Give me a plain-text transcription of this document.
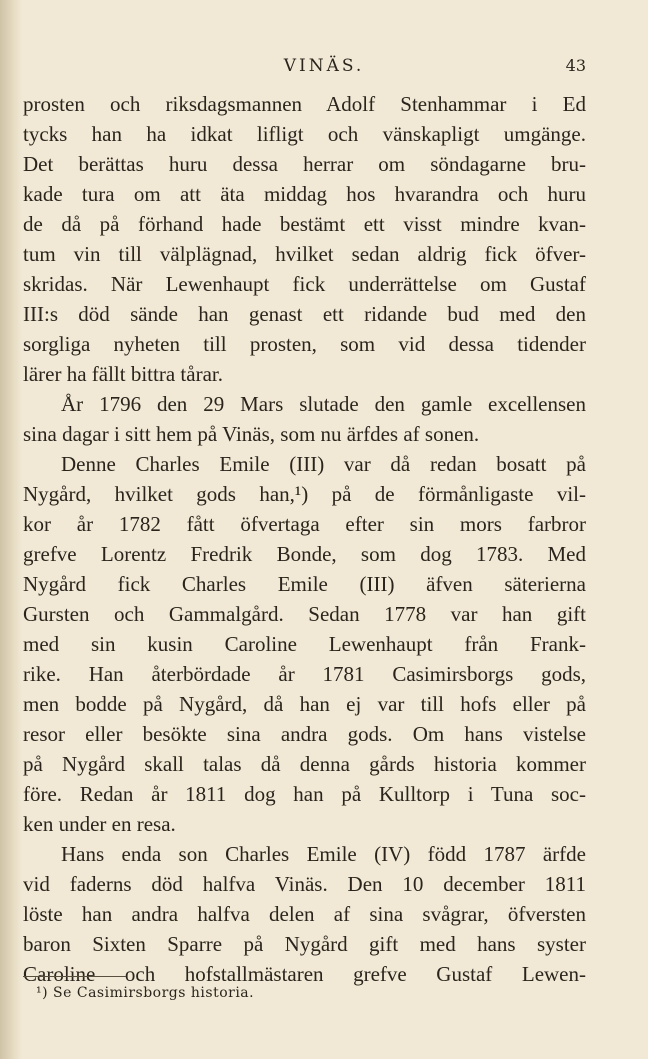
VINÄS.	43
prosten och riksdagsmannen Adolf Stenhammar i Ed
tycks han ha idkat lifligt och vänskapligt umgänge.
Det berättas huru dessa herrar om söndagarne bru-
kade tura om att äta middag hos hvarandra och huru
de då på förhand hade bestämt ett visst mindre kvan-
tum vin till välplägnad, hvilket sedan aldrig fick öfver-
skridas. När Lewenhaupt fick underrättelse om Gustaf
III:s död sände han genast ett ridande bud med den
sorgliga nyheten till prosten, som vid dessa tidender
lärer ha fällt bittra tårar.
År 1796 den 29 Mars slutade den gamle excellensen
sina dagar i sitt hem på Vinäs, som nu ärfdes af sonen.
Denne Charles Emile (III) var då redan bosatt på
Nygård, hvilket gods han,¹) på de förmånligaste vil-
kor år 1782 fått öfvertaga efter sin mors farbror
grefve Lorentz Fredrik Bonde, som dog 1783. Med
Nygård fick Charles Emile (III) äfven säterierna
Gursten och Gammalgård. Sedan 1778 var han gift
med sin kusin Caroline Lewenhaupt från Frank-
rike. Han återbördade år 1781 Casimirsborgs gods,
men bodde på Nygård, då han ej var till hofs eller på
resor eller besökte sina andra gods. Om hans vistelse
på Nygård skall talas då denna gårds historia kommer
före. Redan år 1811 dog han på Kulltorp i Tuna soc-
ken under en resa.
Hans enda son Charles Emile (IV) född 1787 ärfde
vid faderns död halfva Vinäs. Den 10 december 1811
löste han andra halfva delen af sina svågrar, öfversten
baron Sixten Sparre på Nygård gift med hans syster
Caroline och hofstallmästaren grefve Gustaf Lewen-
¹) Se Casimirsborgs historia.
